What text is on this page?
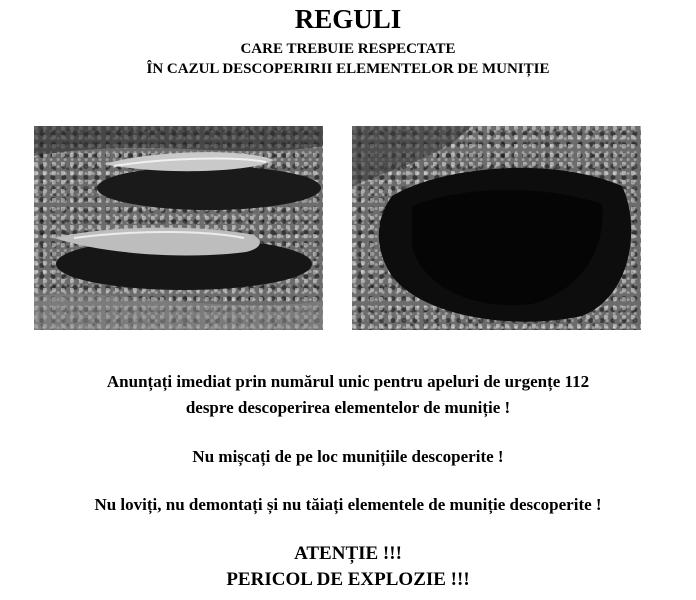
REGULI
CARE TREBUIE RESPECTATE
ÎN CAZUL DESCOPERIRII ELEMENTELOR DE MUNIȚIE
Anunțați imediat prin numărul unic pentru apeluri de urgențe 112
despre descoperirea elementelor de muniție !
Nu mișcați de pe loc munițiile descoperite !
Nu loviți, nu demontați și nu tăiați elementele de muniție descoperite !
ATENȚIE !!!
PERICOL DE EXPLOZIE !!!
